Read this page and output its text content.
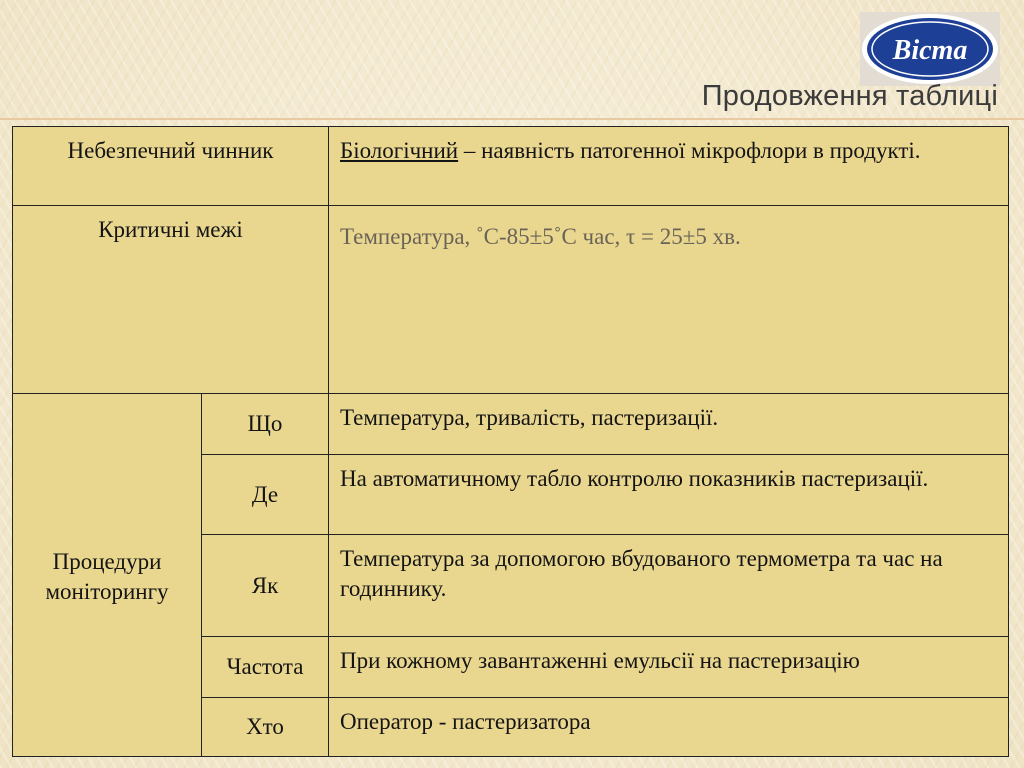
Віста
Продовження таблиці
Небезпечний чинник		Біологічний – наявність патогенної мікрофлори в продукті.
Критичні межі		Температура, ˚С-85±5˚С час, τ = 25±5 хв.
Процедури моніторингу	Що	Температура, тривалість, пастеризації.
	Де	На автоматичному табло контролю показників пастеризації.
	Як	Температура за допомогою вбудованого термометра та час на годиннику.
	Частота	При кожному завантаженні емульсії на пастеризацію
	Хто	Оператор - пастеризатора
